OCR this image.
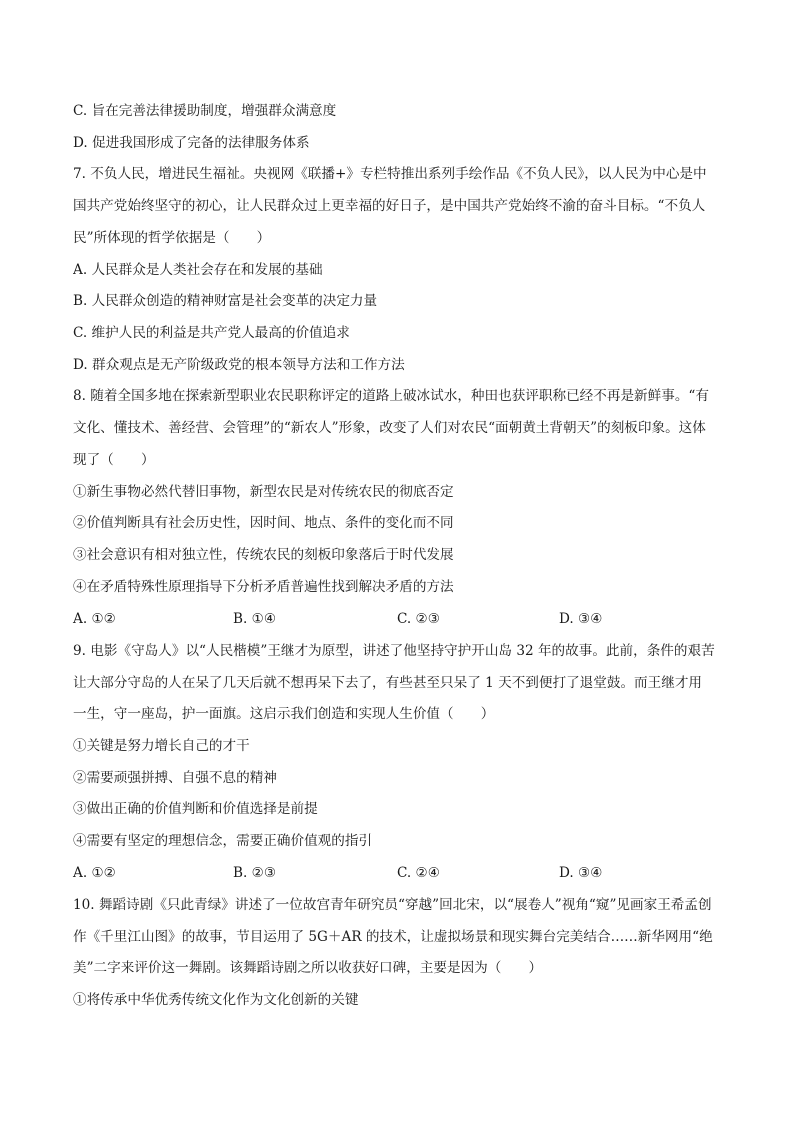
C. 旨在完善法律援助制度，增强群众满意度
D. 促进我国形成了完备的法律服务体系
7. 不负人民，增进民生福祉。央视网《联播+》专栏特推出系列手绘作品《不负人民》，以人民为中心是中
国共产党始终坚守的初心，让人民群众过上更幸福的好日子，是中国共产党始终不渝的奋斗目标。“不负人
民”所体现的哲学依据是（　　）
A. 人民群众是人类社会存在和发展的基础
B. 人民群众创造的精神财富是社会变革的决定力量
C. 维护人民的利益是共产党人最高的价值追求
D. 群众观点是无产阶级政党的根本领导方法和工作方法
8. 随着全国多地在探索新型职业农民职称评定的道路上破冰试水，种田也获评职称已经不再是新鲜事。“有
文化、懂技术、善经营、会管理”的“新农人”形象，改变了人们对农民“面朝黄土背朝天”的刻板印象。这体
现了（　　）
①新生事物必然代替旧事物，新型农民是对传统农民的彻底否定
②价值判断具有社会历史性，因时间、地点、条件的变化而不同
③社会意识有相对独立性，传统农民的刻板印象落后于时代发展
④在矛盾特殊性原理指导下分析矛盾普遍性找到解决矛盾的方法
A. ①②	B. ①④	C. ②③	D. ③④
9. 电影《守岛人》以“人民楷模”王继才为原型，讲述了他坚持守护开山岛 32 年的故事。此前，条件的艰苦
让大部分守岛的人在呆了几天后就不想再呆下去了，有些甚至只呆了 1 天不到便打了退堂鼓。而王继才用
一生，守一座岛，护一面旗。这启示我们创造和实现人生价值（　　）
①关键是努力增长自己的才干
②需要顽强拼搏、自强不息的精神
③做出正确的价值判断和价值选择是前提
④需要有坚定的理想信念，需要正确价值观的指引
A. ①②	B. ②③	C. ②④	D. ③④
10. 舞蹈诗剧《只此青绿》讲述了一位故宫青年研究员“穿越”回北宋，以“展卷人”视角“窥”见画家王希孟创
作《千里江山图》的故事，节目运用了 5G＋AR 的技术，让虚拟场景和现实舞台完美结合……新华网用“绝
美”二字来评价这一舞剧。该舞蹈诗剧之所以收获好口碑，主要是因为（　　）
①将传承中华优秀传统文化作为文化创新的关键
